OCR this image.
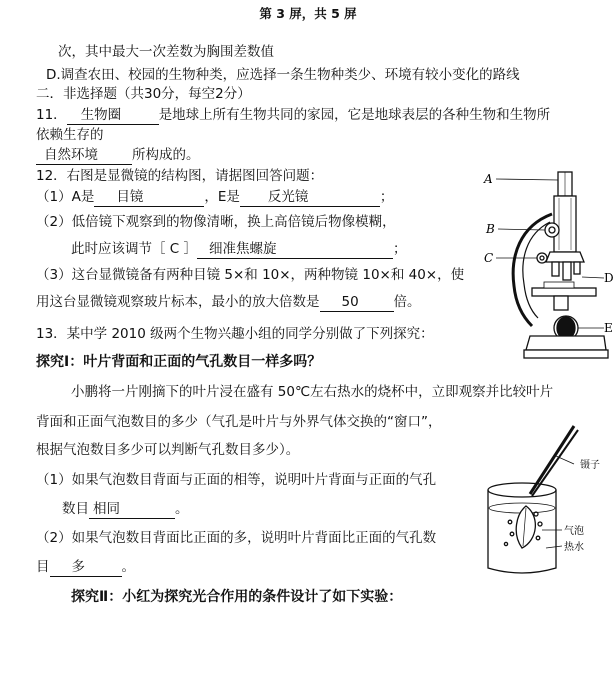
第 3 屏，共 5 屏
次，其中最大一次差数为胸围差数值
D.调查农田、校园的生物种类，应选择一条生物种类少、环境有较小变化的路线
二．非选择题（共30分，每空2分）
11． 生物圈	是地球上所有生物共同的家园，它是地球表层的各种生物和生物所
依赖生存的
自然环境	所构成的。
12．右图是显微镜的结构图，请据图回答问题：
（1）A是 目镜	，E是 反光镜	；
（2）低倍镜下观察到的物像清晰，换上高倍镜后物像模糊，
此时应该调节［ C ］ 细准焦螺旋	；
（3）这台显微镜备有两种目镜 5×和 10×，两种物镜 10×和 40×，使
用这台显微镜观察玻片标本，最小的放大倍数是 50	倍。
13．某中学 2010 级两个生物兴趣小组的同学分别做了下列探究：
探究Ⅰ：叶片背面和正面的气孔数目一样多吗？
小鹏将一片刚摘下的叶片浸在盛有 50℃左右热水的烧杯中，立即观察并比较叶片
背面和正面气泡数目的多少（气孔是叶片与外界气体交换的“窗口”，
根据气泡数目多少可以判断气孔数目多少）。
（1）如果气泡数目背面与正面的相等，说明叶片背面与正面的气孔
数目 相同	。
（2）如果气泡数目背面比正面的多，说明叶片背面比正面的气孔数
目 多	。
探究Ⅱ：小红为探究光合作用的条件设计了如下实验：
A
B
C
D
E
镊子
气泡
热水
